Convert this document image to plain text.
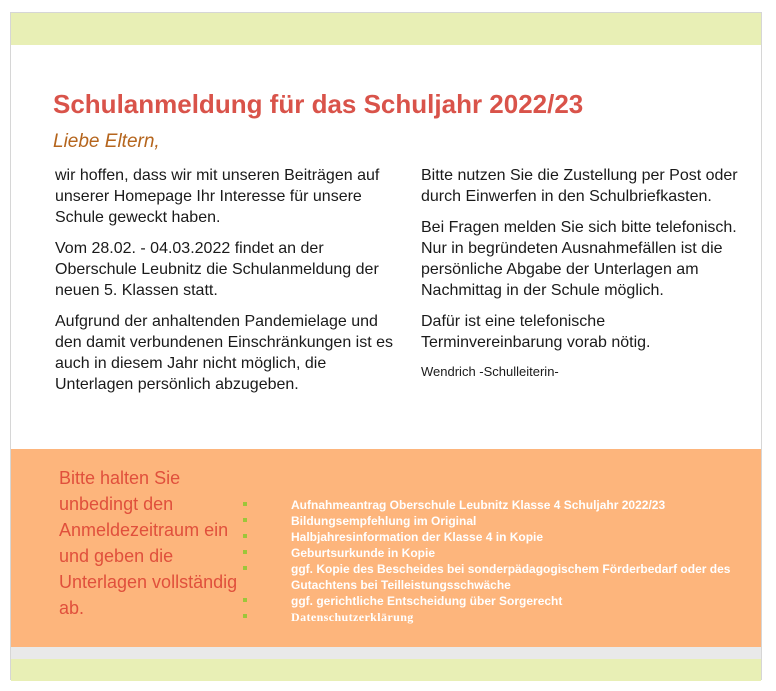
Schulanmeldung für das Schuljahr 2022/23

Liebe Eltern,

wir hoffen, dass wir mit unseren Beiträgen auf unserer Homepage Ihr Interesse für unsere Schule geweckt haben.

Vom 28.02. - 04.03.2022 findet an der Oberschule Leubnitz die Schulanmeldung der neuen 5. Klassen statt.

Aufgrund der anhaltenden Pandemielage und den damit verbundenen Einschränkungen ist es auch in diesem Jahr nicht möglich, die Unterlagen persönlich abzugeben.

Bitte nutzen Sie die Zustellung per Post oder durch Einwerfen in den Schulbriefkasten.

Bei Fragen melden Sie sich bitte telefonisch. Nur in begründeten Ausnahmefällen ist die persönliche Abgabe der Unterlagen am Nachmittag in der Schule möglich.

Dafür ist eine telefonische Terminvereinbarung vorab nötig.

Wendrich -Schulleiterin-

Bitte halten Sie unbedingt den Anmeldezeitraum ein und geben die Unterlagen vollständig ab.
Aufnahmeantrag Oberschule Leubnitz Klasse 4 Schuljahr 2022/23
Bildungsempfehlung im Original
Halbjahresinformation der Klasse 4 in Kopie
Geburtsurkunde in Kopie
ggf. Kopie des Bescheides bei sonderpädagogischem Förderbedarf oder des Gutachtens bei Teilleistungsschwäche
ggf. gerichtliche Entscheidung über Sorgerecht
Datenschutzerklärung
